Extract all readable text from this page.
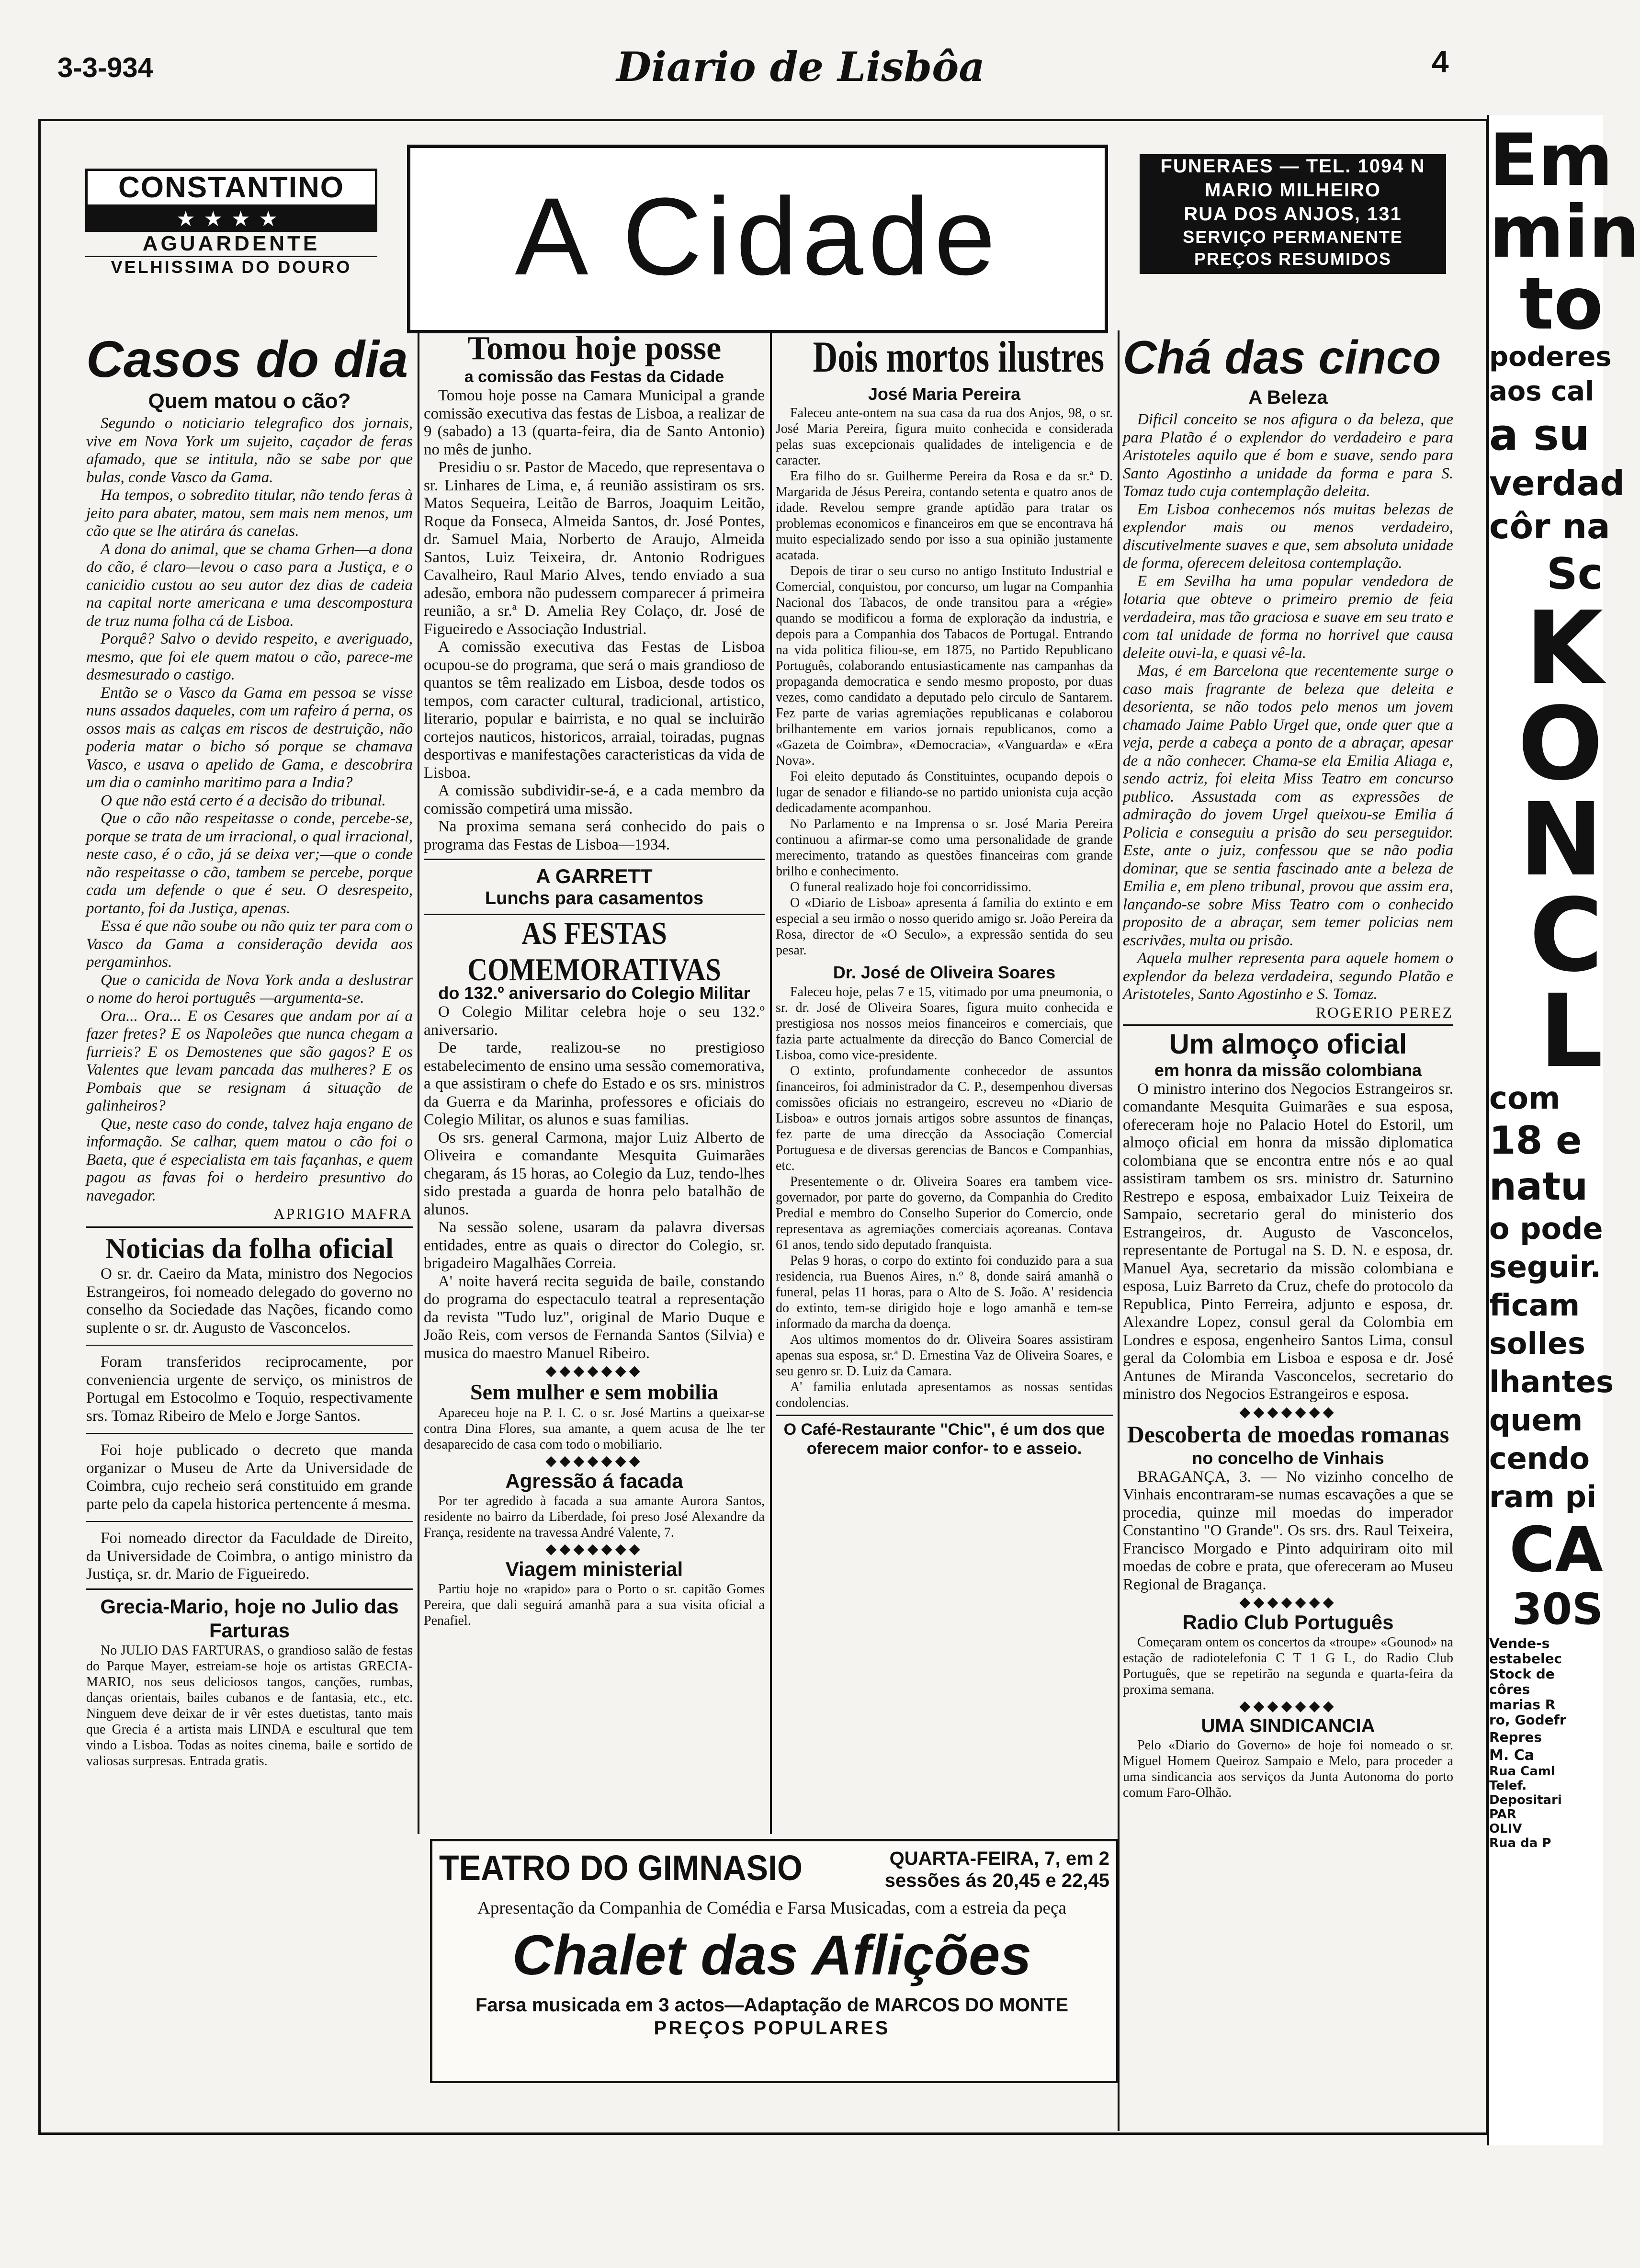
3-3-934	Diario de Lisbôa	4
CONSTANTINO
★★★★
AGUARDENTE
VELHISSIMA DO DOURO	A Cidade
FUNERAES — TEL. 1094 N
MARIO MILHEIRO
RUA DOS ANJOS, 131
SERVIÇO PERMANENTE
PREÇOS RESUMIDOS
Casos do dia
Quem matou o cão?

Segundo o noticiario telegrafico dos jornais, vive em Nova York um sujeito, caçador de feras afamado, que se intitula, não se sabe por que bulas, conde Vasco da Gama.

Ha tempos, o sobredito titular, não tendo feras à jeito para abater, matou, sem mais nem menos, um cão que se lhe atirára ás canelas.

A dona do animal, que se chama Grhen—a dona do cão, é claro—levou o caso para a Justiça, e o canicidio custou ao seu autor dez dias de cadeia na capital norte americana e uma descompostura de truz numa folha cá de Lisboa.

Porquê? Salvo o devido respeito, e averiguado, mesmo, que foi ele quem matou o cão, parece-me desmesurado o castigo.

Então se o Vasco da Gama em pessoa se visse nuns assados daqueles, com um rafeiro á perna, os ossos mais as calças em riscos de destruição, não poderia matar o bicho só porque se chamava Vasco, e usava o apelido de Gama, e descobrira um dia o caminho maritimo para a India?

O que não está certo é a decisão do tribunal.

Que o cão não respeitasse o conde, percebe-se, porque se trata de um irracional, o qual irracional, neste caso, é o cão, já se deixa ver;—que o conde não respeitasse o cão, tambem se percebe, porque cada um defende o que é seu. O desrespeito, portanto, foi da Justiça, apenas.

Essa é que não soube ou não quiz ter para com o Vasco da Gama a consideração devida aos pergaminhos.

Que o canicida de Nova York anda a deslustrar o nome do heroi português —argumenta-se.

Ora... Ora... E os Cesares que andam por aí a fazer fretes? E os Napoleões que nunca chegam a furrieis? E os Demostenes que são gagos? E os Valentes que levam pancada das mulheres? E os Pombais que se resignam á situação de galinheiros?

Que, neste caso do conde, talvez haja engano de informação. Se calhar, quem matou o cão foi o Baeta, que é especialista em tais façanhas, e quem pagou as favas foi o herdeiro presuntivo do navegador.

APRIGIO MAFRA
Noticias da folha oficial

O sr. dr. Caeiro da Mata, ministro dos Negocios Estrangeiros, foi nomeado delegado do governo no conselho da Sociedade das Nações, ficando como suplente o sr. dr. Augusto de Vasconcelos.

Foram transferidos reciprocamente, por conveniencia urgente de serviço, os ministros de Portugal em Estocolmo e Toquio, respectivamente srs. Tomaz Ribeiro de Melo e Jorge Santos.

Foi hoje publicado o decreto que manda organizar o Museu de Arte da Universidade de Coimbra, cujo recheio será constituido em grande parte pelo da capela historica pertencente á mesma.

Foi nomeado director da Faculdade de Direito, da Universidade de Coimbra, o antigo ministro da Justiça, sr. dr. Mario de Figueiredo.

Grecia-Mario, hoje no Julio das Farturas
No JULIO DAS FARTURAS, o grandioso salão de festas do Parque Mayer, estreiam-se hoje os artistas GRECIA-MARIO, nos seus deliciosos tangos, canções, rumbas, danças orientais, bailes cubanos e de fantasia, etc., etc. Ninguem deve deixar de ir vêr estes duetistas, tanto mais que Grecia é a artista mais LINDA e escultural que tem vindo a Lisboa. Todas as noites cinema, baile e sortido de valiosas surpresas. Entrada gratis.
Tomou hoje posse
a comissão das Festas da Cidade

Tomou hoje posse na Camara Municipal a grande comissão executiva das festas de Lisboa, a realizar de 9 (sabado) a 13 (quarta-feira, dia de Santo Antonio) no mês de junho.

Presidiu o sr. Pastor de Macedo, que representava o sr. Linhares de Lima, e, á reunião assistiram os srs. Matos Sequeira, Leitão de Barros, Joaquim Leitão, Roque da Fonseca, Almeida Santos, dr. José Pontes, dr. Samuel Maia, Norberto de Araujo, Almeida Santos, Luiz Teixeira, dr. Antonio Rodrigues Cavalheiro, Raul Mario Alves, tendo enviado a sua adesão, embora não pudessem comparecer á primeira reunião, a sr.ª D. Amelia Rey Colaço, dr. José de Figueiredo e Associação Industrial.

A comissão executiva das Festas de Lisboa ocupou-se do programa, que será o mais grandioso de quantos se têm realizado em Lisboa, desde todos os tempos, com caracter cultural, tradicional, artistico, literario, popular e bairrista, e no qual se incluirão cortejos nauticos, historicos, arraial, toiradas, pugnas desportivas e manifestações caracteristicas da vida de Lisboa.

A comissão subdividir-se-á, e a cada membro da comissão competirá uma missão.

Na proxima semana será conhecido do pais o programa das Festas de Lisboa—1934.

A GARRETT
Lunchs para casamentos
AS FESTAS COMEMORATIVAS
do 132.º aniversario do Colegio Militar

O Colegio Militar celebra hoje o seu 132.º aniversario.

De tarde, realizou-se no prestigioso estabelecimento de ensino uma sessão comemorativa, a que assistiram o chefe do Estado e os srs. ministros da Guerra e da Marinha, professores e oficiais do Colegio Militar, os alunos e suas familias.

Os srs. general Carmona, major Luiz Alberto de Oliveira e comandante Mesquita Guimarães chegaram, ás 15 horas, ao Colegio da Luz, tendo-lhes sido prestada a guarda de honra pelo batalhão de alunos.

Na sessão solene, usaram da palavra diversas entidades, entre as quais o director do Colegio, sr. brigadeiro Magalhães Correia.

A' noite haverá recita seguida de baile, constando do programa do espectaculo teatral a representação da revista "Tudo luz", original de Mario Duque e João Reis, com versos de Fernanda Santos (Silvia) e musica do maestro Manuel Ribeiro.

◆◆◆◆◆◆◆
Sem mulher e sem mobilia
Apareceu hoje na P. I. C. o sr. José Martins a queixar-se contra Dina Flores, sua amante, a quem acusa de lhe ter desaparecido de casa com todo o mobiliario.
◆◆◆◆◆◆◆
Agressão á facada
Por ter agredido à facada a sua amante Aurora Santos, residente no bairro da Liberdade, foi preso José Alexandre da França, residente na travessa André Valente, 7.
◆◆◆◆◆◆◆
Viagem ministerial
Partiu hoje no «rapido» para o Porto o sr. capitão Gomes Pereira, que dali seguirá amanhã para a sua visita oficial a Penafiel.
Dois mortos ilustres
José Maria Pereira

Faleceu ante-ontem na sua casa da rua dos Anjos, 98, o sr. José Maria Pereira, figura muito conhecida e considerada pelas suas excepcionais qualidades de inteligencia e de caracter.

Era filho do sr. Guilherme Pereira da Rosa e da sr.ª D. Margarida de Jésus Pereira, contando setenta e quatro anos de idade. Revelou sempre grande aptidão para tratar os problemas economicos e financeiros em que se encontrava há muito especializado sendo por isso a sua opinião justamente acatada.

Depois de tirar o seu curso no antigo Instituto Industrial e Comercial, conquistou, por concurso, um lugar na Companhia Nacional dos Tabacos, de onde transitou para a «régie» quando se modificou a forma de exploração da industria, e depois para a Companhia dos Tabacos de Portugal. Entrando na vida politica filiou-se, em 1875, no Partido Republicano Português, colaborando entusiasticamente nas campanhas da propaganda democratica e sendo mesmo proposto, por duas vezes, como candidato a deputado pelo circulo de Santarem. Fez parte de varias agremiações republicanas e colaborou brilhantemente em varios jornais republicanos, como a «Gazeta de Coimbra», «Democracia», «Vanguarda» e «Era Nova».

Foi eleito deputado ás Constituintes, ocupando depois o lugar de senador e filiando-se no partido unionista cuja acção dedicadamente acompanhou.

No Parlamento e na Imprensa o sr. José Maria Pereira continuou a afirmar-se como uma personalidade de grande merecimento, tratando as questões financeiras com grande brilho e conhecimento.

O funeral realizado hoje foi concorridissimo.

O «Diario de Lisboa» apresenta á familia do extinto e em especial a seu irmão o nosso querido amigo sr. João Pereira da Rosa, director de «O Seculo», a expressão sentida do seu pesar.

Dr. José de Oliveira Soares

Faleceu hoje, pelas 7 e 15, vitimado por uma pneumonia, o sr. dr. José de Oliveira Soares, figura muito conhecida e prestigiosa nos nossos meios financeiros e comerciais, que fazia parte actualmente da direcção do Banco Comercial de Lisboa, como vice-presidente.

O extinto, profundamente conhecedor de assuntos financeiros, foi administrador da C. P., desempenhou diversas comissões oficiais no estrangeiro, escreveu no «Diario de Lisboa» e outros jornais artigos sobre assuntos de finanças, fez parte de uma direcção da Associação Comercial Portuguesa e de diversas gerencias de Bancos e Companhias, etc.

Presentemente o dr. Oliveira Soares era tambem vice-governador, por parte do governo, da Companhia do Credito Predial e membro do Conselho Superior do Comercio, onde representava as agremiações comerciais açoreanas. Contava 61 anos, tendo sido deputado franquista.

Pelas 9 horas, o corpo do extinto foi conduzido para a sua residencia, rua Buenos Aires, n.º 8, donde sairá amanhã o funeral, pelas 11 horas, para o Alto de S. João. A' residencia do extinto, tem-se dirigido hoje e logo amanhã e tem-se informado da marcha da doença.

Aos ultimos momentos do dr. Oliveira Soares assistiram apenas sua esposa, sr.ª D. Ernestina Vaz de Oliveira Soares, e seu genro sr. D. Luiz da Camara.

A' familia enlutada apresentamos as nossas sentidas condolencias.

O Café-Restaurante "Chic", é um dos que oferecem maior confor- to e asseio.
Chá das cinco
A Beleza

Dificil conceito se nos afigura o da beleza, que para Platão é o explendor do verdadeiro e para Aristoteles aquilo que é bom e suave, sendo para Santo Agostinho a unidade da forma e para S. Tomaz tudo cuja contemplação deleita.

Em Lisboa conhecemos nós muitas belezas de explendor mais ou menos verdadeiro, discutivelmente suaves e que, sem absoluta unidade de forma, oferecem deleitosa contemplação.

E em Sevilha ha uma popular vendedora de lotaria que obteve o primeiro premio de feia verdadeira, mas tão graciosa e suave em seu trato e com tal unidade de forma no horrivel que causa deleite ouvi-la, e quasi vê-la.

Mas, é em Barcelona que recentemente surge o caso mais fragrante de beleza que deleita e desorienta, se não todos pelo menos um jovem chamado Jaime Pablo Urgel que, onde quer que a veja, perde a cabeça a ponto de a abraçar, apesar de a não conhecer. Chama-se ela Emilia Aliaga e, sendo actriz, foi eleita Miss Teatro em concurso publico. Assustada com as expressões de admiração do jovem Urgel queixou-se Emilia á Policia e conseguiu a prisão do seu perseguidor. Este, ante o juiz, confessou que se não podia dominar, que se sentia fascinado ante a beleza de Emilia e, em pleno tribunal, provou que assim era, lançando-se sobre Miss Teatro com o conhecido proposito de a abraçar, sem temer policias nem escrivães, multa ou prisão.

Aquela mulher representa para aquele homem o explendor da beleza verdadeira, segundo Platão e Aristoteles, Santo Agostinho e S. Tomaz.

ROGERIO PEREZ
Um almoço oficial
em honra da missão colombiana
O ministro interino dos Negocios Estrangeiros sr. comandante Mesquita Guimarães e sua esposa, ofereceram hoje no Palacio Hotel do Estoril, um almoço oficial em honra da missão diplomatica colombiana que se encontra entre nós e ao qual assistiram tambem os srs. ministro dr. Saturnino Restrepo e esposa, embaixador Luiz Teixeira de Sampaio, secretario geral do ministerio dos Estrangeiros, dr. Augusto de Vasconcelos, representante de Portugal na S. D. N. e esposa, dr. Manuel Aya, secretario da missão colombiana e esposa, Luiz Barreto da Cruz, chefe do protocolo da Republica, Pinto Ferreira, adjunto e esposa, dr. Alexandre Lopez, consul geral da Colombia em Londres e esposa, engenheiro Santos Lima, consul geral da Colombia em Lisboa e esposa e dr. José Antunes de Miranda Vasconcelos, secretario do ministro dos Negocios Estrangeiros e esposa.
◆◆◆◆◆◆◆
Descoberta de moedas romanas
no concelho de Vinhais
BRAGANÇA, 3. — No vizinho concelho de Vinhais encontraram-se numas escavações a que se procedia, quinze mil moedas do imperador Constantino "O Grande". Os srs. drs. Raul Teixeira, Francisco Morgado e Pinto adquiriram oito mil moedas de cobre e prata, que ofereceram ao Museu Regional de Bragança.
◆◆◆◆◆◆◆
Radio Club Português
Começaram ontem os concertos da «troupe» «Gounod» na estação de radiotelefonia C T 1 G L, do Radio Club Português, que se repetirão na segunda e quarta-feira da proxima semana.
◆◆◆◆◆◆◆
UMA SINDICANCIA
Pelo «Diario do Governo» de hoje foi nomeado o sr. Miguel Homem Queiroz Sampaio e Melo, para proceder a uma sindicancia aos serviços da Junta Autonoma do porto comum Faro-Olhão.
TEATRO DO GIMNASIO	QUARTA-FEIRA, 7, em 2
sessões ás 20,45 e 22,45
Apresentação da Companhia de Comédia e Farsa Musicadas, com a estreia da peça
Chalet das Aflições
Farsa musicada em 3 actos—Adaptação de MARCOS DO MONTE
PREÇOS POPULARES
Em
min
to
poderes
aos cal
a su
verdad
côr na
Sc
K
O
N
C
L
com
18 e
natu
o pode
seguir.
ficam
solles
lhantes
quem
cendo
ram pi
CA
30S
Vende-s
estabelec
Stock de
côres
marias R
ro, Godefr
Repres
M. Ca
Rua Caml
Telef.
Depositari
PAR
OLIV
Rua da P
